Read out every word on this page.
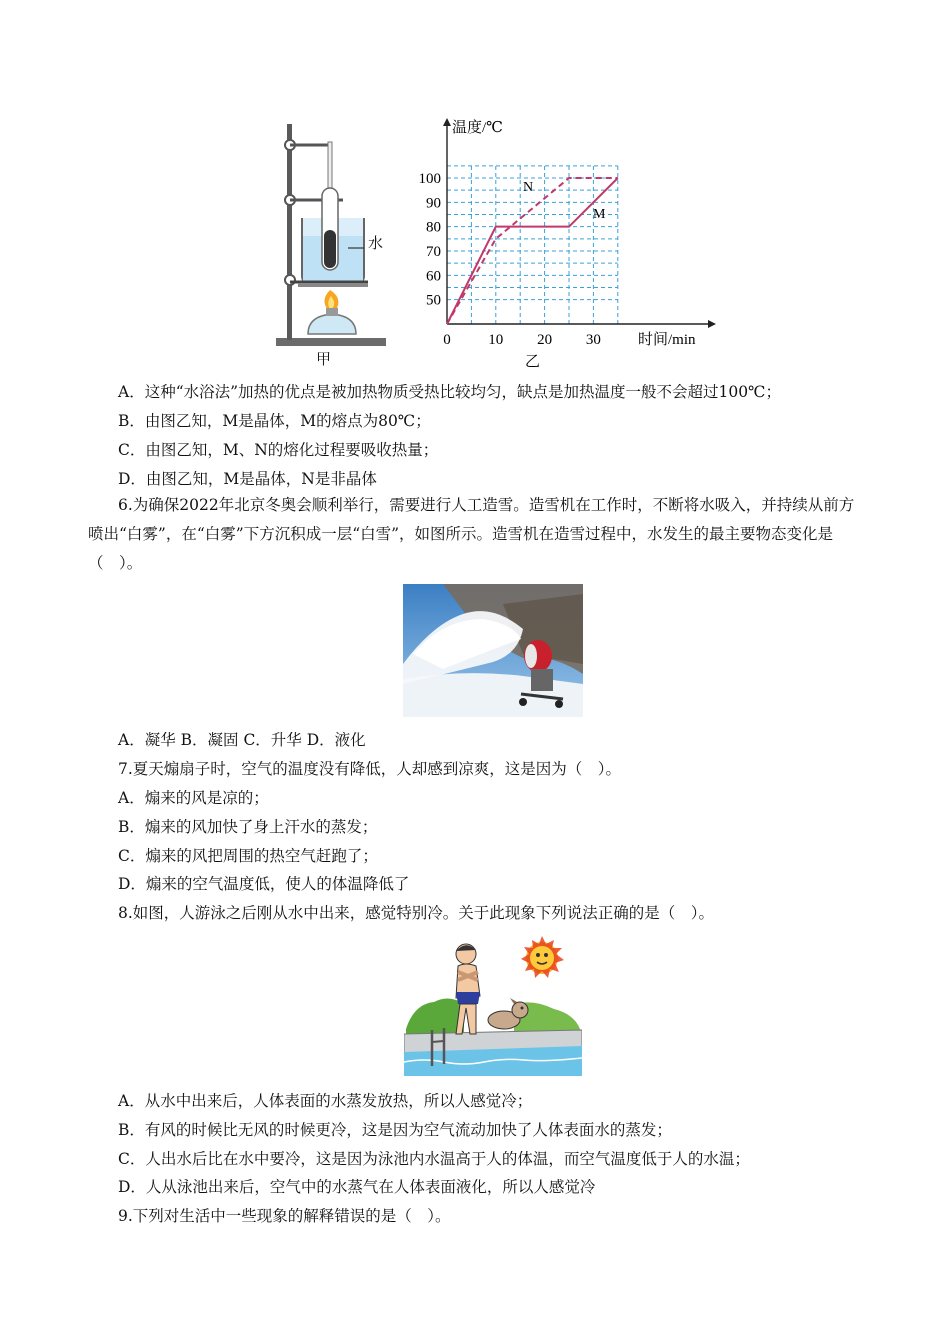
水
甲
50
60
70
80
90
100
0	10 20 30
温度/℃
时间/min
N
M
乙
A．这种“水浴法”加热的优点是被加热物质受热比较均匀，缺点是加热温度一般不会超过100℃；
B．由图乙知，M是晶体，M的熔点为80℃；
C．由图乙知，M、N的熔化过程要吸收热量；
D．由图乙知，M是晶体，N是非晶体
6.为确保2022年北京冬奥会顺利举行，需要进行人工造雪。造雪机在工作时，不断将水吸入，并持续从前方喷出“白雾”，在“白雾”下方沉积成一层“白雪”，如图所示。造雪机在造雪过程中，水发生的最主要物态变化是（　）。
A．凝华 B．凝固 C．升华 D．液化
7.夏天煽扇子时，空气的温度没有降低，人却感到凉爽，这是因为（　）。
A．煽来的风是凉的；
B．煽来的风加快了身上汗水的蒸发；
C．煽来的风把周围的热空气赶跑了；
D．煽来的空气温度低，使人的体温降低了
8.如图，人游泳之后刚从水中出来，感觉特别冷。关于此现象下列说法正确的是（　）。
A．从水中出来后，人体表面的水蒸发放热，所以人感觉冷；
B．有风的时候比无风的时候更冷，这是因为空气流动加快了人体表面水的蒸发；
C．人出水后比在水中要冷，这是因为泳池内水温高于人的体温，而空气温度低于人的水温；
D．人从泳池出来后，空气中的水蒸气在人体表面液化，所以人感觉冷
9.下列对生活中一些现象的解释错误的是（　）。
